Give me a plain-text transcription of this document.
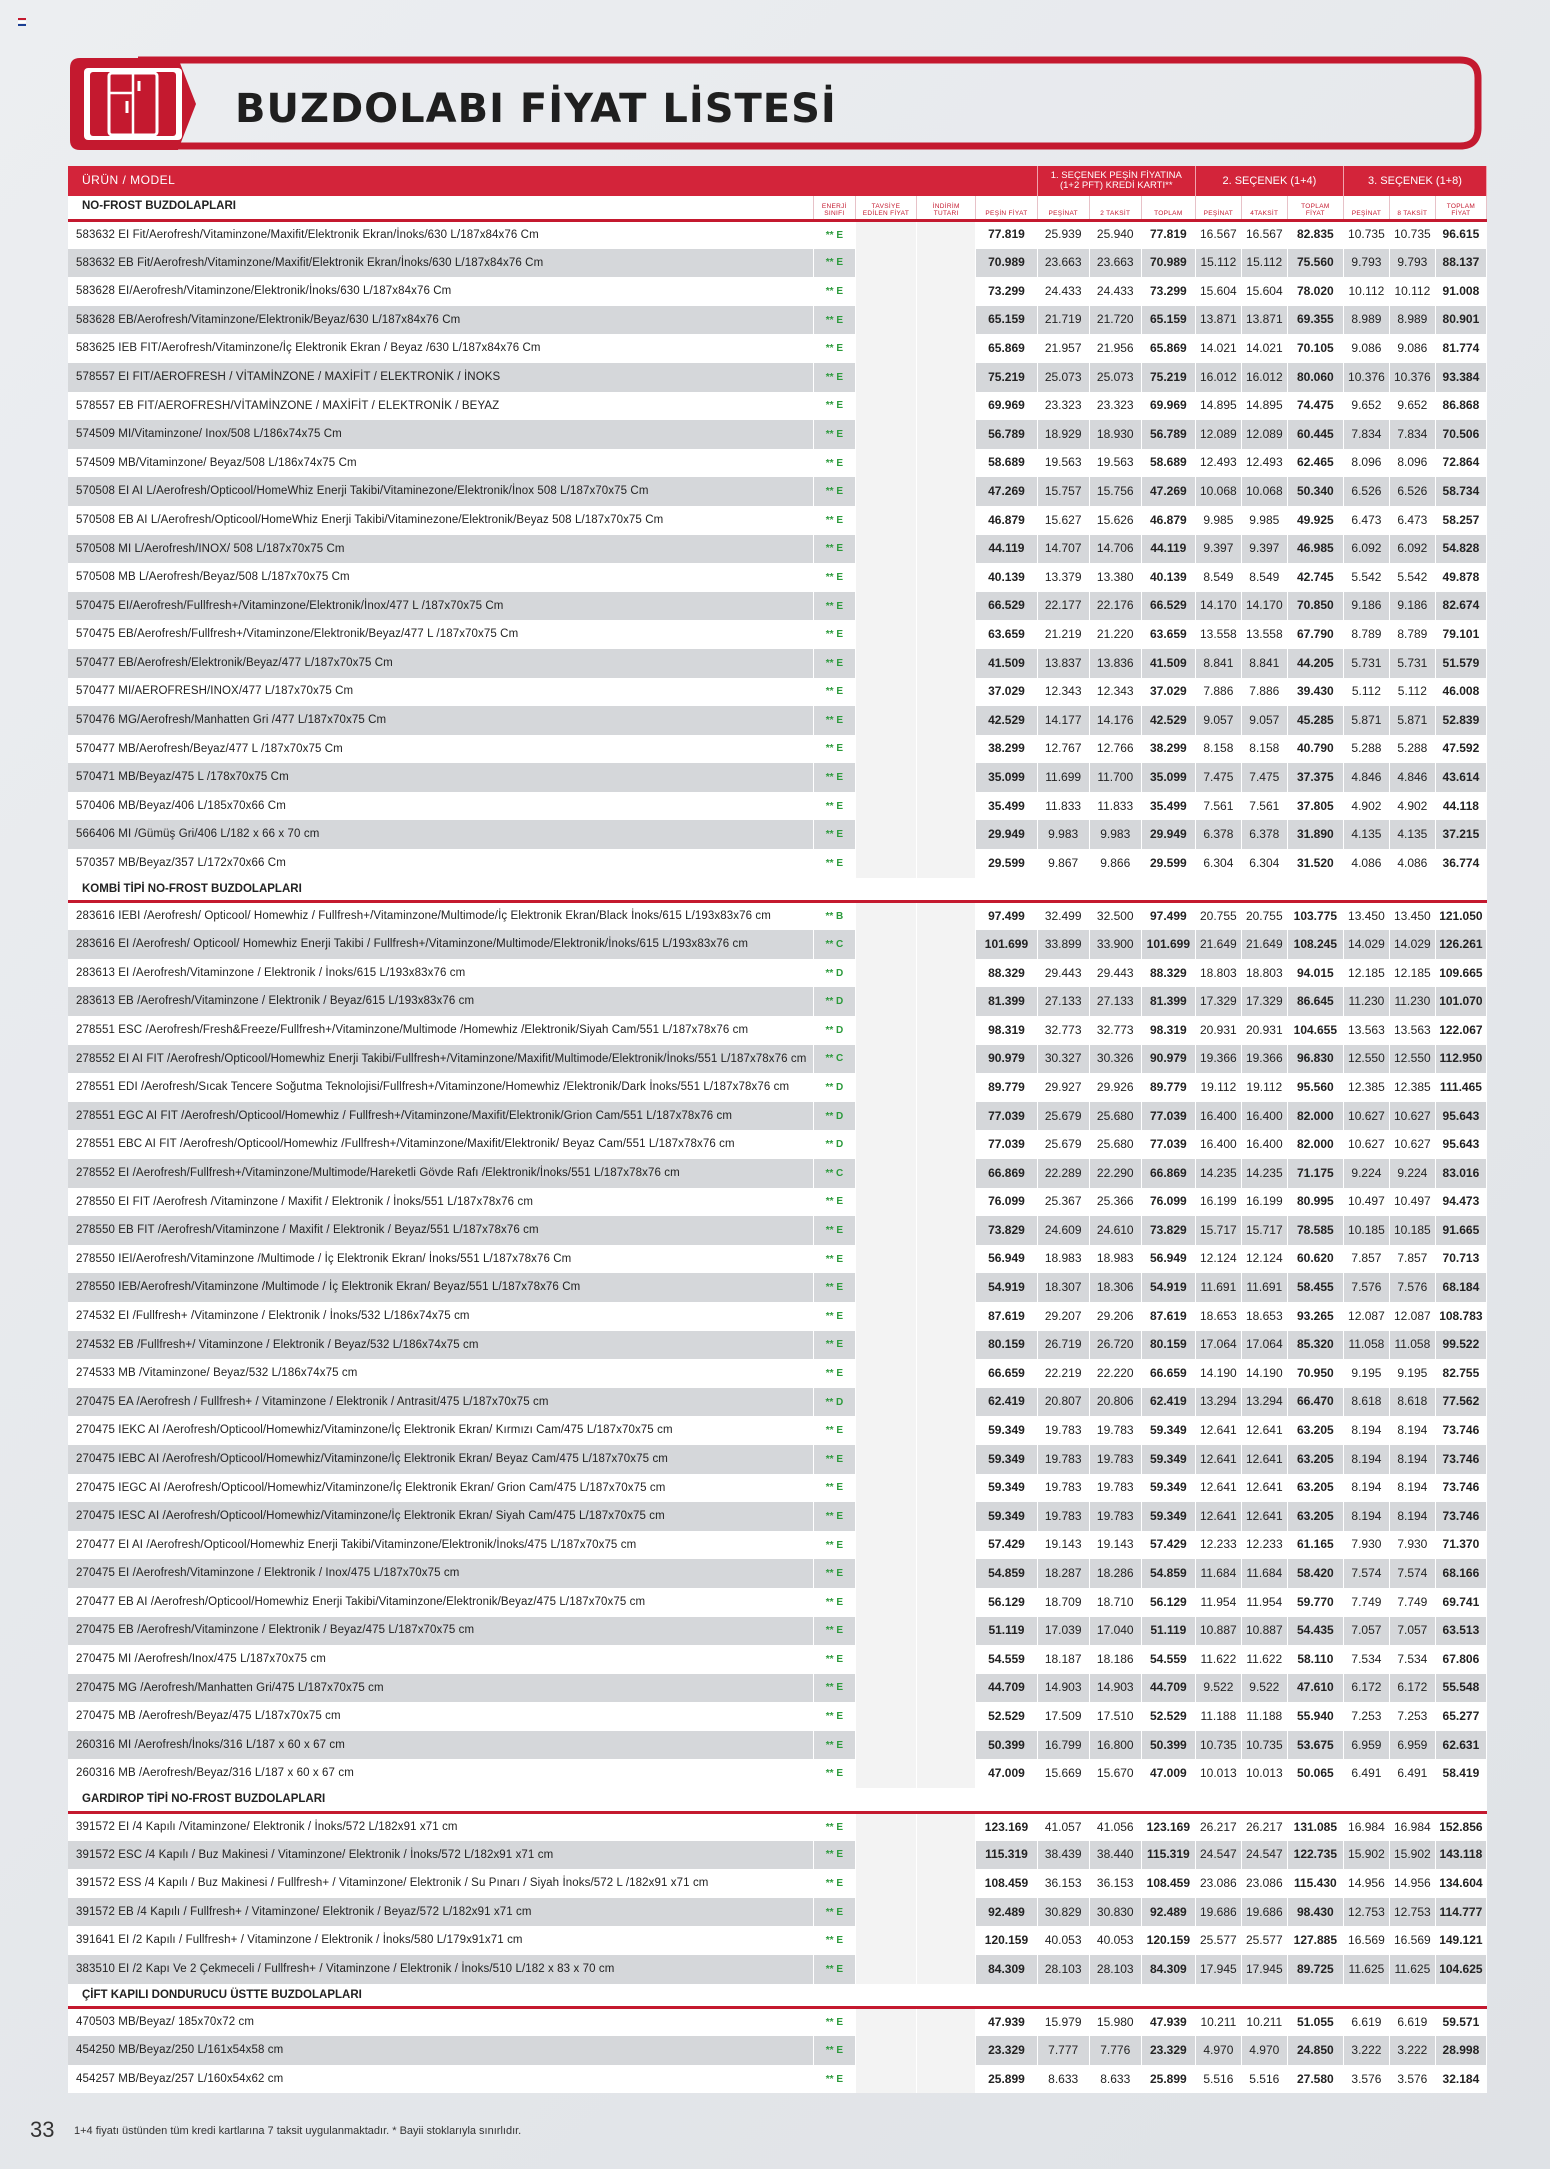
BUZDOLABI FİYAT LİSTESİ
ÜRÜN / MODEL					1. SEÇENEK PEŞİN FİYATINA (1+2 PFT) KREDİ KARTI**			2. SEÇENEK (1+4)			3. SEÇENEK (1+8)		
NO-FROST BUZDOLAPLARI	ENERJİ SINIFI	TAVSİYE EDİLEN FİYAT	İNDİRİM TUTARI	PEŞİN FİYAT	PEŞİNAT	2 TAKSİT	TOPLAM	PEŞİNAT	4TAKSİT	TOPLAM FİYAT	PEŞİNAT	8 TAKSİT	TOPLAM FİYAT
583632 EI Fit/Aerofresh/Vitaminzone/Maxifit/Elektronik Ekran/İnoks/630 L/187x84x76 Cm	** E			77.819	25.939	25.940	77.819	16.567	16.567	82.835	10.735	10.735	96.615
583632 EB Fit/Aerofresh/Vitaminzone/Maxifit/Elektronik Ekran/İnoks/630 L/187x84x76 Cm	** E			70.989	23.663	23.663	70.989	15.112	15.112	75.560	9.793	9.793	88.137
583628 EI/Aerofresh/Vitaminzone/Elektronik/İnoks/630 L/187x84x76 Cm	** E			73.299	24.433	24.433	73.299	15.604	15.604	78.020	10.112	10.112	91.008
583628 EB/Aerofresh/Vitaminzone/Elektronik/Beyaz/630 L/187x84x76 Cm	** E			65.159	21.719	21.720	65.159	13.871	13.871	69.355	8.989	8.989	80.901
583625 IEB FIT/Aerofresh/Vitaminzone/İç Elektronik Ekran / Beyaz /630 L/187x84x76 Cm	** E			65.869	21.957	21.956	65.869	14.021	14.021	70.105	9.086	9.086	81.774
578557 EI FIT/AEROFRESH / VİTAMİNZONE / MAXİFİT / ELEKTRONİK / İNOKS	** E			75.219	25.073	25.073	75.219	16.012	16.012	80.060	10.376	10.376	93.384
578557 EB FIT/AEROFRESH/VİTAMİNZONE / MAXİFİT / ELEKTRONİK / BEYAZ	** E			69.969	23.323	23.323	69.969	14.895	14.895	74.475	9.652	9.652	86.868
574509 MI/Vitaminzone/ Inox/508 L/186x74x75 Cm	** E			56.789	18.929	18.930	56.789	12.089	12.089	60.445	7.834	7.834	70.506
574509 MB/Vitaminzone/ Beyaz/508 L/186x74x75 Cm	** E			58.689	19.563	19.563	58.689	12.493	12.493	62.465	8.096	8.096	72.864
570508 EI AI L/Aerofresh/Opticool/HomeWhiz Enerji Takibi/Vitaminezone/Elektronik/İnox 508 L/187x70x75 Cm	** E			47.269	15.757	15.756	47.269	10.068	10.068	50.340	6.526	6.526	58.734
570508 EB AI L/Aerofresh/Opticool/HomeWhiz Enerji Takibi/Vitaminezone/Elektronik/Beyaz 508 L/187x70x75 Cm	** E			46.879	15.627	15.626	46.879	9.985	9.985	49.925	6.473	6.473	58.257
570508 MI L/Aerofresh/INOX/ 508 L/187x70x75 Cm	** E			44.119	14.707	14.706	44.119	9.397	9.397	46.985	6.092	6.092	54.828
570508 MB L/Aerofresh/Beyaz/508 L/187x70x75 Cm	** E			40.139	13.379	13.380	40.139	8.549	8.549	42.745	5.542	5.542	49.878
570475 EI/Aerofresh/Fullfresh+/Vitaminzone/Elektronik/İnox/477 L /187x70x75 Cm	** E			66.529	22.177	22.176	66.529	14.170	14.170	70.850	9.186	9.186	82.674
570475 EB/Aerofresh/Fullfresh+/Vitaminzone/Elektronik/Beyaz/477 L /187x70x75 Cm	** E			63.659	21.219	21.220	63.659	13.558	13.558	67.790	8.789	8.789	79.101
570477 EB/Aerofresh/Elektronik/Beyaz/477 L/187x70x75 Cm	** E			41.509	13.837	13.836	41.509	8.841	8.841	44.205	5.731	5.731	51.579
570477 MI/AEROFRESH/INOX/477 L/187x70x75 Cm	** E			37.029	12.343	12.343	37.029	7.886	7.886	39.430	5.112	5.112	46.008
570476 MG/Aerofresh/Manhatten Gri /477 L/187x70x75 Cm	** E			42.529	14.177	14.176	42.529	9.057	9.057	45.285	5.871	5.871	52.839
570477 MB/Aerofresh/Beyaz/477 L /187x70x75 Cm	** E			38.299	12.767	12.766	38.299	8.158	8.158	40.790	5.288	5.288	47.592
570471 MB/Beyaz/475 L /178x70x75 Cm	** E			35.099	11.699	11.700	35.099	7.475	7.475	37.375	4.846	4.846	43.614
570406 MB/Beyaz/406 L/185x70x66 Cm	** E			35.499	11.833	11.833	35.499	7.561	7.561	37.805	4.902	4.902	44.118
566406 MI /Gümüş Gri/406 L/182 x 66 x 70 cm	** E			29.949	9.983	9.983	29.949	6.378	6.378	31.890	4.135	4.135	37.215
570357 MB/Beyaz/357 L/172x70x66 Cm	** E			29.599	9.867	9.866	29.599	6.304	6.304	31.520	4.086	4.086	36.774
KOMBİ TİPİ NO-FROST BUZDOLAPLARI													
283616 IEBI /Aerofresh/ Opticool/ Homewhiz / Fullfresh+/Vitaminzone/Multimode/İç Elektronik Ekran/Black İnoks/615 L/193x83x76 cm	** B			97.499	32.499	32.500	97.499	20.755	20.755	103.775	13.450	13.450	121.050
283616 EI /Aerofresh/ Opticool/ Homewhiz Enerji Takibi / Fullfresh+/Vitaminzone/Multimode/Elektronik/İnoks/615 L/193x83x76 cm	** C			101.699	33.899	33.900	101.699	21.649	21.649	108.245	14.029	14.029	126.261
283613 EI /Aerofresh/Vitaminzone / Elektronik / İnoks/615 L/193x83x76 cm	** D			88.329	29.443	29.443	88.329	18.803	18.803	94.015	12.185	12.185	109.665
283613 EB /Aerofresh/Vitaminzone / Elektronik / Beyaz/615 L/193x83x76 cm	** D			81.399	27.133	27.133	81.399	17.329	17.329	86.645	11.230	11.230	101.070
278551 ESC /Aerofresh/Fresh&Freeze/Fullfresh+/Vitaminzone/Multimode /Homewhiz /Elektronik/Siyah Cam/551 L/187x78x76 cm	** D			98.319	32.773	32.773	98.319	20.931	20.931	104.655	13.563	13.563	122.067
278552 EI AI FIT /Aerofresh/Opticool/Homewhiz Enerji Takibi/Fullfresh+/Vitaminzone/Maxifit/Multimode/Elektronik/İnoks/551 L/187x78x76 cm	** C			90.979	30.327	30.326	90.979	19.366	19.366	96.830	12.550	12.550	112.950
278551 EDI /Aerofresh/Sıcak Tencere Soğutma Teknolojisi/Fullfresh+/Vitaminzone/Homewhiz /Elektronik/Dark İnoks/551 L/187x78x76 cm	** D			89.779	29.927	29.926	89.779	19.112	19.112	95.560	12.385	12.385	111.465
278551 EGC AI FIT /Aerofresh/Opticool/Homewhiz / Fullfresh+/Vitaminzone/Maxifit/Elektronik/Grion Cam/551 L/187x78x76 cm	** D			77.039	25.679	25.680	77.039	16.400	16.400	82.000	10.627	10.627	95.643
278551 EBC AI FIT /Aerofresh/Opticool/Homewhiz /Fullfresh+/Vitaminzone/Maxifit/Elektronik/ Beyaz Cam/551 L/187x78x76 cm	** D			77.039	25.679	25.680	77.039	16.400	16.400	82.000	10.627	10.627	95.643
278552 EI /Aerofresh/Fullfresh+/Vitaminzone/Multimode/Hareketli Gövde Rafı /Elektronik/İnoks/551 L/187x78x76 cm	** C			66.869	22.289	22.290	66.869	14.235	14.235	71.175	9.224	9.224	83.016
278550 EI FIT /Aerofresh /Vitaminzone / Maxifit / Elektronik / İnoks/551 L/187x78x76 cm	** E			76.099	25.367	25.366	76.099	16.199	16.199	80.995	10.497	10.497	94.473
278550 EB FIT /Aerofresh/Vitaminzone / Maxifit / Elektronik / Beyaz/551 L/187x78x76 cm	** E			73.829	24.609	24.610	73.829	15.717	15.717	78.585	10.185	10.185	91.665
278550 IEI/Aerofresh/Vitaminzone /Multimode / İç Elektronik Ekran/ İnoks/551 L/187x78x76 Cm	** E			56.949	18.983	18.983	56.949	12.124	12.124	60.620	7.857	7.857	70.713
278550 IEB/Aerofresh/Vitaminzone /Multimode / İç Elektronik Ekran/ Beyaz/551 L/187x78x76 Cm	** E			54.919	18.307	18.306	54.919	11.691	11.691	58.455	7.576	7.576	68.184
274532 EI /Fullfresh+ /Vitaminzone / Elektronik / İnoks/532 L/186x74x75 cm	** E			87.619	29.207	29.206	87.619	18.653	18.653	93.265	12.087	12.087	108.783
274532 EB /Fullfresh+/ Vitaminzone / Elektronik / Beyaz/532 L/186x74x75 cm	** E			80.159	26.719	26.720	80.159	17.064	17.064	85.320	11.058	11.058	99.522
274533 MB /Vitaminzone/ Beyaz/532 L/186x74x75 cm	** E			66.659	22.219	22.220	66.659	14.190	14.190	70.950	9.195	9.195	82.755
270475 EA /Aerofresh / Fullfresh+ / Vitaminzone / Elektronik / Antrasit/475 L/187x70x75 cm	** D			62.419	20.807	20.806	62.419	13.294	13.294	66.470	8.618	8.618	77.562
270475 IEKC AI /Aerofresh/Opticool/Homewhiz/Vitaminzone/İç Elektronik Ekran/ Kırmızı Cam/475 L/187x70x75 cm	** E			59.349	19.783	19.783	59.349	12.641	12.641	63.205	8.194	8.194	73.746
270475 IEBC AI /Aerofresh/Opticool/Homewhiz/Vitaminzone/İç Elektronik Ekran/ Beyaz Cam/475 L/187x70x75 cm	** E			59.349	19.783	19.783	59.349	12.641	12.641	63.205	8.194	8.194	73.746
270475 IEGC AI /Aerofresh/Opticool/Homewhiz/Vitaminzone/İç Elektronik Ekran/ Grion Cam/475 L/187x70x75 cm	** E			59.349	19.783	19.783	59.349	12.641	12.641	63.205	8.194	8.194	73.746
270475 IESC AI /Aerofresh/Opticool/Homewhiz/Vitaminzone/İç Elektronik Ekran/ Siyah Cam/475 L/187x70x75 cm	** E			59.349	19.783	19.783	59.349	12.641	12.641	63.205	8.194	8.194	73.746
270477 EI AI /Aerofresh/Opticool/Homewhiz Enerji Takibi/Vitaminzone/Elektronik/İnoks/475 L/187x70x75 cm	** E			57.429	19.143	19.143	57.429	12.233	12.233	61.165	7.930	7.930	71.370
270475 EI /Aerofresh/Vitaminzone / Elektronik / Inox/475 L/187x70x75 cm	** E			54.859	18.287	18.286	54.859	11.684	11.684	58.420	7.574	7.574	68.166
270477 EB AI /Aerofresh/Opticool/Homewhiz Enerji Takibi/Vitaminzone/Elektronik/Beyaz/475 L/187x70x75 cm	** E			56.129	18.709	18.710	56.129	11.954	11.954	59.770	7.749	7.749	69.741
270475 EB /Aerofresh/Vitaminzone / Elektronik / Beyaz/475 L/187x70x75 cm	** E			51.119	17.039	17.040	51.119	10.887	10.887	54.435	7.057	7.057	63.513
270475 MI /Aerofresh/Inox/475 L/187x70x75 cm	** E			54.559	18.187	18.186	54.559	11.622	11.622	58.110	7.534	7.534	67.806
270475 MG /Aerofresh/Manhatten Gri/475 L/187x70x75 cm	** E			44.709	14.903	14.903	44.709	9.522	9.522	47.610	6.172	6.172	55.548
270475 MB /Aerofresh/Beyaz/475 L/187x70x75 cm	** E			52.529	17.509	17.510	52.529	11.188	11.188	55.940	7.253	7.253	65.277
260316 MI /Aerofresh/İnoks/316 L/187 x 60 x 67 cm	** E			50.399	16.799	16.800	50.399	10.735	10.735	53.675	6.959	6.959	62.631
260316 MB /Aerofresh/Beyaz/316 L/187 x 60 x 67 cm	** E			47.009	15.669	15.670	47.009	10.013	10.013	50.065	6.491	6.491	58.419
GARDIROP TİPİ NO-FROST BUZDOLAPLARI													
391572 EI /4 Kapılı /Vitaminzone/ Elektronik / İnoks/572 L/182x91 x71 cm	** E			123.169	41.057	41.056	123.169	26.217	26.217	131.085	16.984	16.984	152.856
391572 ESC /4 Kapılı / Buz Makinesi / Vitaminzone/ Elektronik / İnoks/572 L/182x91 x71 cm	** E			115.319	38.439	38.440	115.319	24.547	24.547	122.735	15.902	15.902	143.118
391572 ESS /4 Kapılı / Buz Makinesi / Fullfresh+ / Vitaminzone/ Elektronik / Su Pınarı / Siyah İnoks/572 L /182x91 x71 cm	** E			108.459	36.153	36.153	108.459	23.086	23.086	115.430	14.956	14.956	134.604
391572 EB /4 Kapılı / Fullfresh+ / Vitaminzone/ Elektronik / Beyaz/572 L/182x91 x71 cm	** E			92.489	30.829	30.830	92.489	19.686	19.686	98.430	12.753	12.753	114.777
391641 EI /2 Kapılı / Fullfresh+ / Vitaminzone / Elektronik / İnoks/580 L/179x91x71 cm	** E			120.159	40.053	40.053	120.159	25.577	25.577	127.885	16.569	16.569	149.121
383510 EI /2 Kapı Ve 2 Çekmeceli / Fullfresh+ / Vitaminzone / Elektronik / İnoks/510 L/182 x 83 x 70 cm	** E			84.309	28.103	28.103	84.309	17.945	17.945	89.725	11.625	11.625	104.625
ÇİFT KAPILI DONDURUCU ÜSTTE BUZDOLAPLARI													
470503 MB/Beyaz/ 185x70x72 cm	** E			47.939	15.979	15.980	47.939	10.211	10.211	51.055	6.619	6.619	59.571
454250 MB/Beyaz/250 L/161x54x58 cm	** E			23.329	7.777	7.776	23.329	4.970	4.970	24.850	3.222	3.222	28.998
454257 MB/Beyaz/257 L/160x54x62 cm	** E			25.899	8.633	8.633	25.899	5.516	5.516	27.580	3.576	3.576	32.184
33 1+4 fiyatı üstünden tüm kredi kartlarına 7 taksit uygulanmaktadır. * Bayii stoklarıyla sınırlıdır.
